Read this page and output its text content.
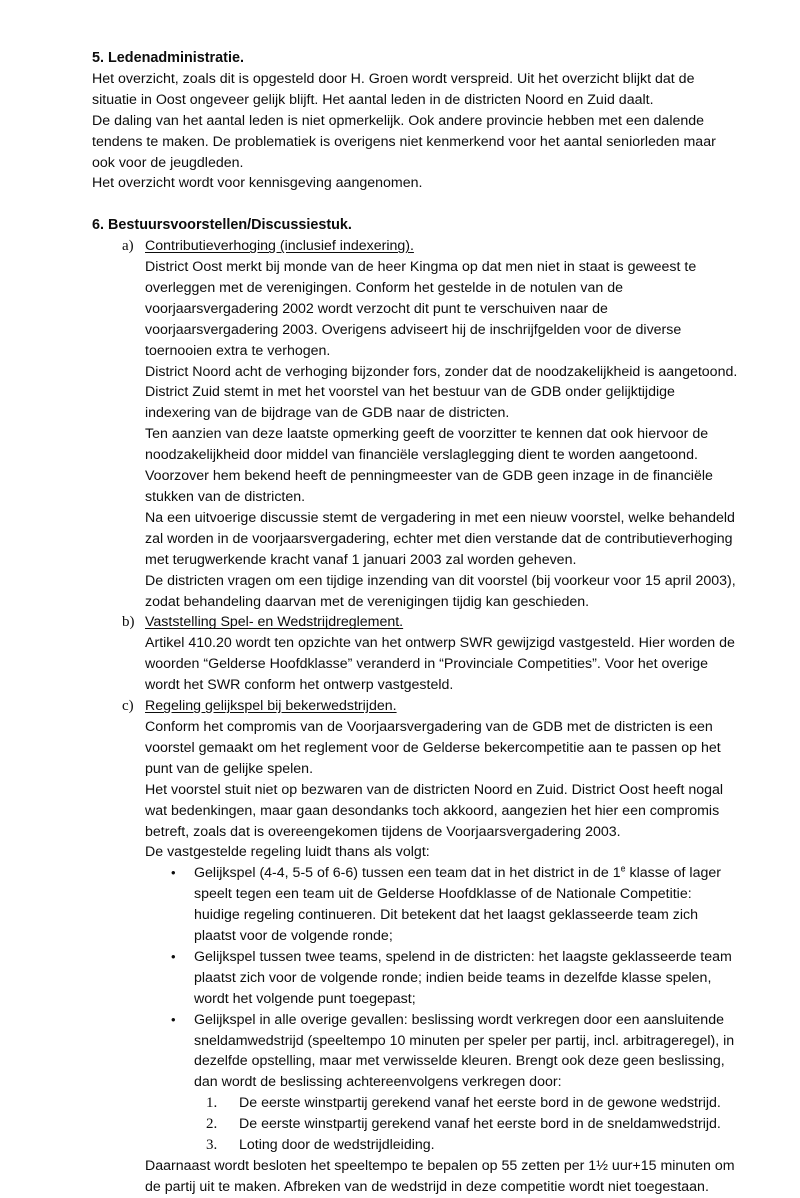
5. Ledenadministratie.

Het overzicht, zoals dit is opgesteld door H. Groen wordt verspreid. Uit het overzicht blijkt dat de situatie in Oost ongeveer gelijk blijft. Het aantal leden in de districten Noord en Zuid daalt.

De daling van het aantal leden is niet opmerkelijk. Ook andere provincie hebben met een dalende tendens te maken. De problematiek is overigens niet kenmerkend voor het aantal seniorleden maar ook voor de jeugdleden.

Het overzicht wordt voor kennisgeving aangenomen.

6. Bestuursvoorstellen/Discussiestuk.
a) Contributieverhoging (inclusief indexering).

District Oost merkt bij monde van de heer Kingma op dat men niet in staat is geweest te overleggen met de verenigingen. Conform het gestelde in de notulen van de voorjaarsvergadering 2002 wordt verzocht dit punt te verschuiven naar de voorjaarsvergadering 2003. Overigens adviseert hij de inschrijfgelden voor de diverse toernooien extra te verhogen.

District Noord acht de verhoging bijzonder fors, zonder dat de noodzakelijkheid is aangetoond.

District Zuid stemt in met het voorstel van het bestuur van de GDB onder gelijktijdige indexering van de bijdrage van de GDB naar de districten.

Ten aanzien van deze laatste opmerking geeft de voorzitter te kennen dat ook hiervoor de noodzakelijkheid door middel van financiële verslaglegging dient te worden aangetoond. Voorzover hem bekend heeft de penningmeester van de GDB geen inzage in de financiële stukken van de districten.

Na een uitvoerige discussie stemt de vergadering in met een nieuw voorstel, welke behandeld zal worden in de voorjaarsvergadering, echter met dien verstande dat de contributieverhoging met terugwerkende kracht vanaf 1 januari 2003 zal worden geheven.

De districten vragen om een tijdige inzending van dit voorstel (bij voorkeur voor 15 april 2003), zodat behandeling daarvan met de verenigingen tijdig kan geschieden.

b) Vaststelling Spel- en Wedstrijdreglement.

Artikel 410.20 wordt ten opzichte van het ontwerp SWR gewijzigd vastgesteld. Hier worden de woorden “Gelderse Hoofdklasse” veranderd in “Provinciale Competities”. Voor het overige wordt het SWR conform het ontwerp vastgesteld.

c) Regeling gelijkspel bij bekerwedstrijden.

Conform het compromis van de Voorjaarsvergadering van de GDB met de districten is een voorstel gemaakt om het reglement voor de Gelderse bekercompetitie aan te passen op het punt van de gelijke spelen.

Het voorstel stuit niet op bezwaren van de districten Noord en Zuid. District Oost heeft nogal wat bedenkingen, maar gaan desondanks toch akkoord, aangezien het hier een compromis betreft, zoals dat is overeengekomen tijdens de Voorjaarsvergadering 2003.

De vastgestelde regeling luidt thans als volgt:

• Gelijkspel (4-4, 5-5 of 6-6) tussen een team dat in het district in de 1e klasse of lager speelt tegen een team uit de Gelderse Hoofdklasse of de Nationale Competitie: huidige regeling continueren. Dit betekent dat het laagst geklasseerde team zich plaatst voor de volgende ronde;
• Gelijkspel tussen twee teams, spelend in de districten: het laagste geklasseerde team plaatst zich voor de volgende ronde; indien beide teams in dezelfde klasse spelen, wordt het volgende punt toegepast;
• Gelijkspel in alle overige gevallen: beslissing wordt verkregen door een aansluitende sneldamwedstrijd (speeltempo 10 minuten per speler per partij, incl. arbitrageregel), in dezelfde opstelling, maar met verwisselde kleuren. Brengt ook deze geen beslissing, dan wordt de beslissing achtereenvolgens verkregen door:
1. De eerste winstpartij gerekend vanaf het eerste bord in de gewone wedstrijd.
2. De eerste winstpartij gerekend vanaf het eerste bord in de sneldamwedstrijd.
3. Loting door de wedstrijdleiding.

Daarnaast wordt besloten het speeltempo te bepalen op 55 zetten per 1½ uur+15 minuten om de partij uit te maken. Afbreken van de wedstrijd in deze competitie wordt niet toegestaan.
